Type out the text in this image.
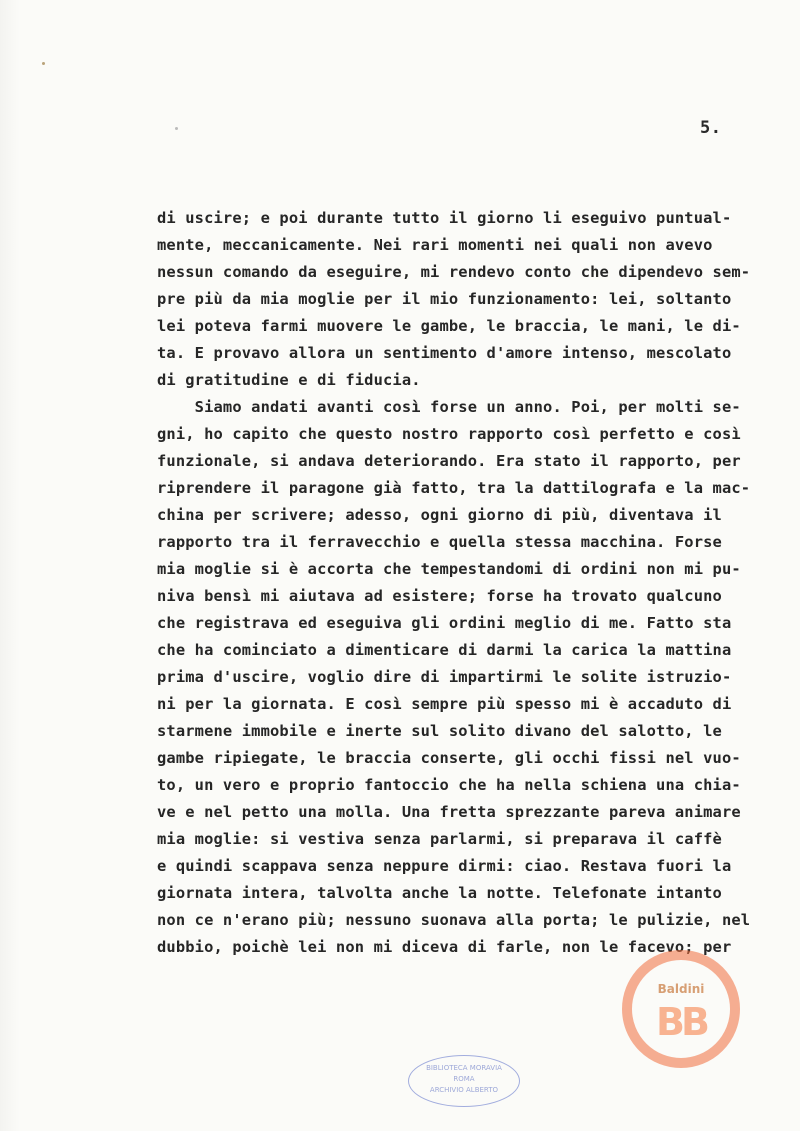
5.
di uscire; e poi durante tutto il giorno li eseguivo puntual-
mente, meccanicamente. Nei rari momenti nei quali non avevo
nessun comando da eseguire, mi rendevo conto che dipendevo sem-
pre più da mia moglie per il mio funzionamento: lei, soltanto
lei poteva farmi muovere le gambe, le braccia, le mani, le di-
ta. E provavo allora un sentimento d'amore intenso, mescolato
di gratitudine e di fiducia.
Siamo andati avanti così forse un anno. Poi, per molti se-
gni, ho capito che questo nostro rapporto così perfetto e così
funzionale, si andava deteriorando. Era stato il rapporto, per
riprendere il paragone già fatto, tra la dattilografa e la mac-
china per scrivere; adesso, ogni giorno di più, diventava il
rapporto tra il ferravecchio e quella stessa macchina. Forse
mia moglie si è accorta che tempestandomi di ordini non mi pu-
niva bensì mi aiutava ad esistere; forse ha trovato qualcuno
che registrava ed eseguiva gli ordini meglio di me. Fatto sta
che ha cominciato a dimenticare di darmi la carica la mattina
prima d'uscire, voglio dire di impartirmi le solite istruzio-
ni per la giornata. E così sempre più spesso mi è accaduto di
starmene immobile e inerte sul solito divano del salotto, le
gambe ripiegate, le braccia conserte, gli occhi fissi nel vuo-
to, un vero e proprio fantoccio che ha nella schiena una chia-
ve e nel petto una molla. Una fretta sprezzante pareva animare
mia moglie: si vestiva senza parlarmi, si preparava il caffè
e quindi scappava senza neppure dirmi: ciao. Restava fuori la
giornata intera, talvolta anche la notte. Telefonate intanto
non ce n'erano più; nessuno suonava alla porta; le pulizie, nel
dubbio, poichè lei non mi diceva di farle, non le facevo; per
BIBLIOTECA MORAVIA
ROMA
ARCHIVIO ALBERTO
Baldini
BB
